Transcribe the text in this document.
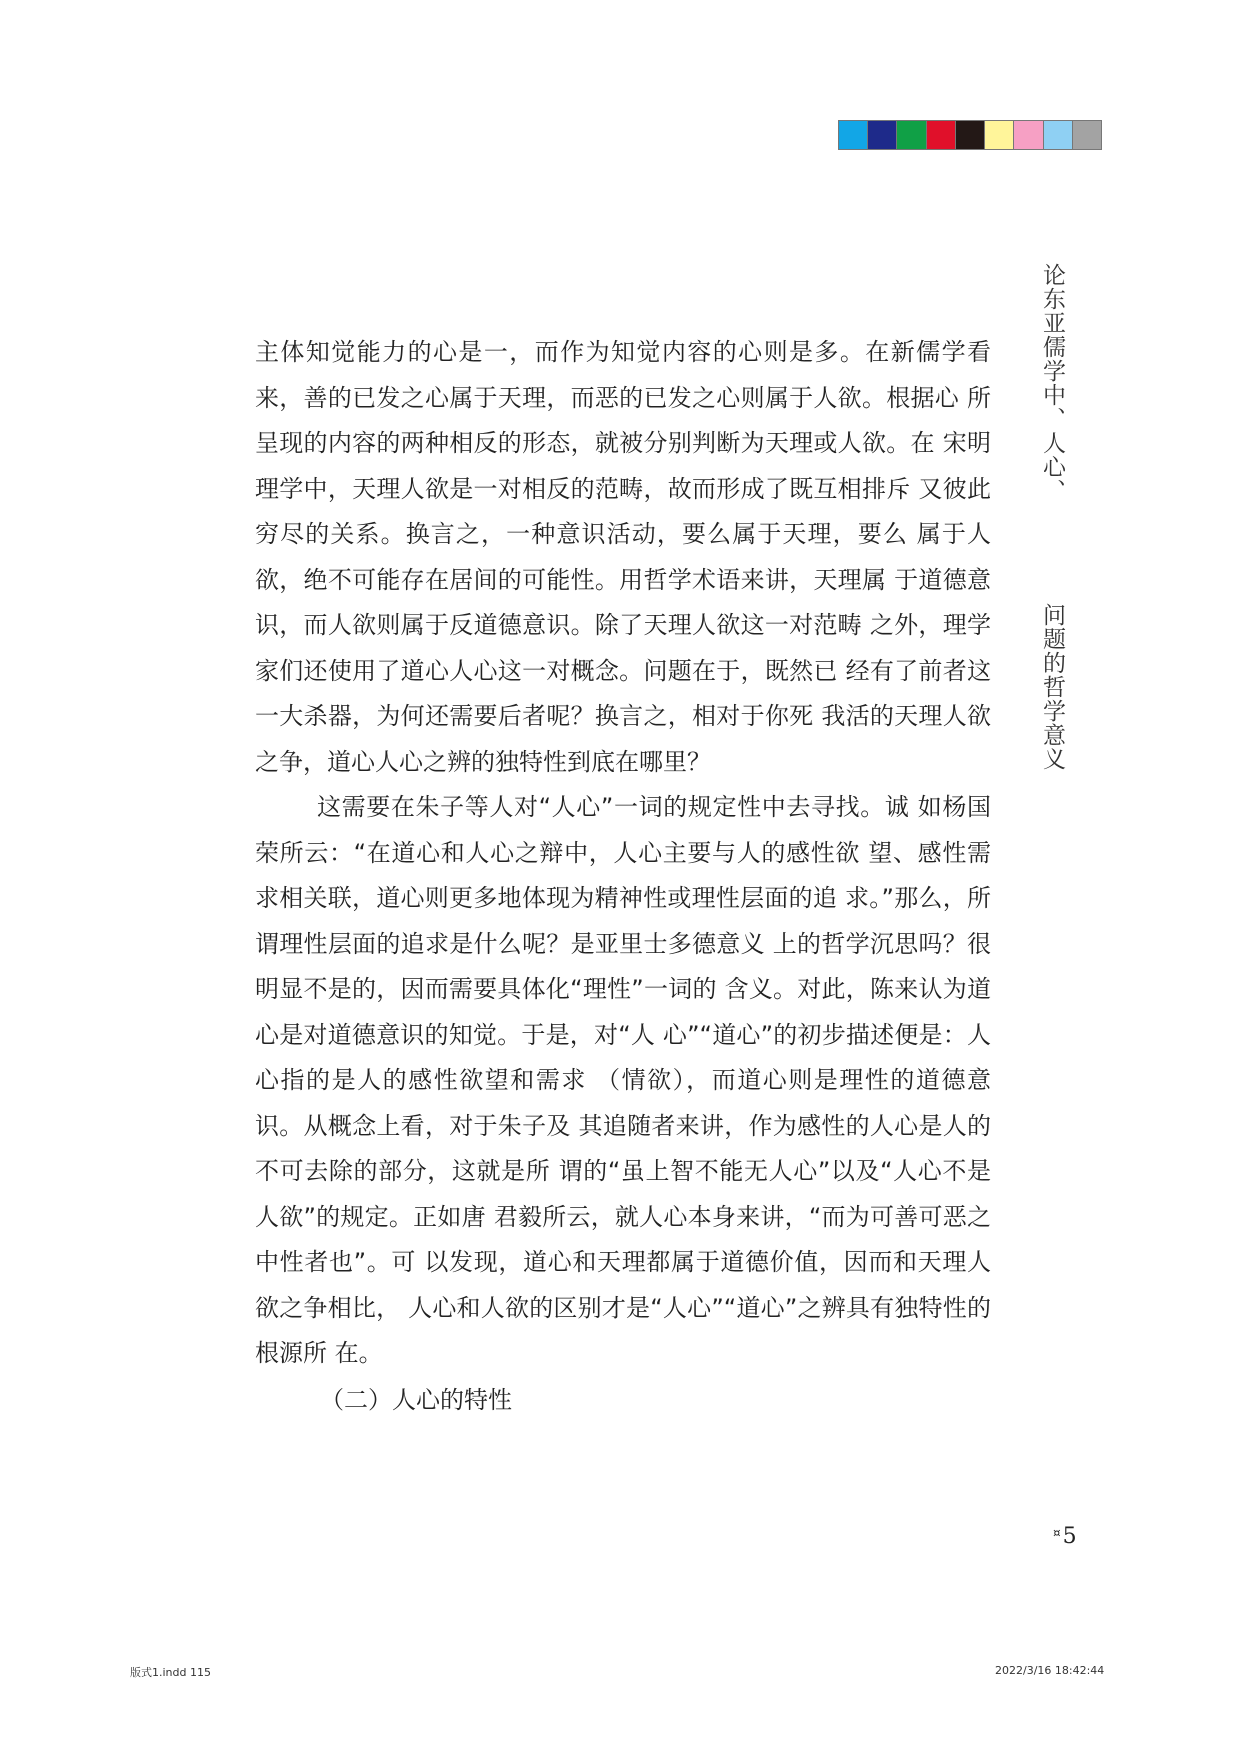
论东亚儒学中、人心、
问题的哲学意义

主体知觉能力的心是一，而作为知觉内容的心则是多。在新儒学看来，善的已发之心属于天理，而恶的已发之心则属于人欲。根据心 所呈现的内容的两种相反的形态，就被分别判断为天理或人欲。在 宋明理学中，天理人欲是一对相反的范畴，故而形成了既互相排斥 又彼此穷尽的关系。换言之，一种意识活动，要么属于天理，要么 属于人欲，绝不可能存在居间的可能性。用哲学术语来讲，天理属 于道德意识，而人欲则属于反道德意识。除了天理人欲这一对范畴 之外，理学家们还使用了道心人心这一对概念。问题在于，既然已 经有了前者这一大杀器，为何还需要后者呢？换言之，相对于你死 我活的天理人欲之争，道心人心之辨的独特性到底在哪里？

这需要在朱子等人对“人心”一词的规定性中去寻找。诚 如杨国荣所云：“在道心和人心之辩中，人心主要与人的感性欲 望、感性需求相关联，道心则更多地体现为精神性或理性层面的追 求。”那么，所谓理性层面的追求是什么呢？是亚里士多德意义 上的哲学沉思吗？很明显不是的，因而需要具体化“理性”一词的 含义。对此，陈来认为道心是对道德意识的知觉。于是，对“人 心”“道心”的初步描述便是：人心指的是人的感性欲望和需求 （情欲），而道心则是理性的道德意识。从概念上看，对于朱子及 其追随者来讲，作为感性的人心是人的不可去除的部分，这就是所 谓的“虽上智不能无人心”以及“人心不是人欲”的规定。正如唐 君毅所云，就人心本身来讲，“而为可善可恶之中性者也”。可 以发现，道心和天理都属于道德价值，因而和天理人欲之争相比， 人心和人欲的区别才是“人心”“道心”之辨具有独特性的根源所 在。

（二）人心的特性
¤5
版式1.indd 115	2022/3/16 18:42:44
